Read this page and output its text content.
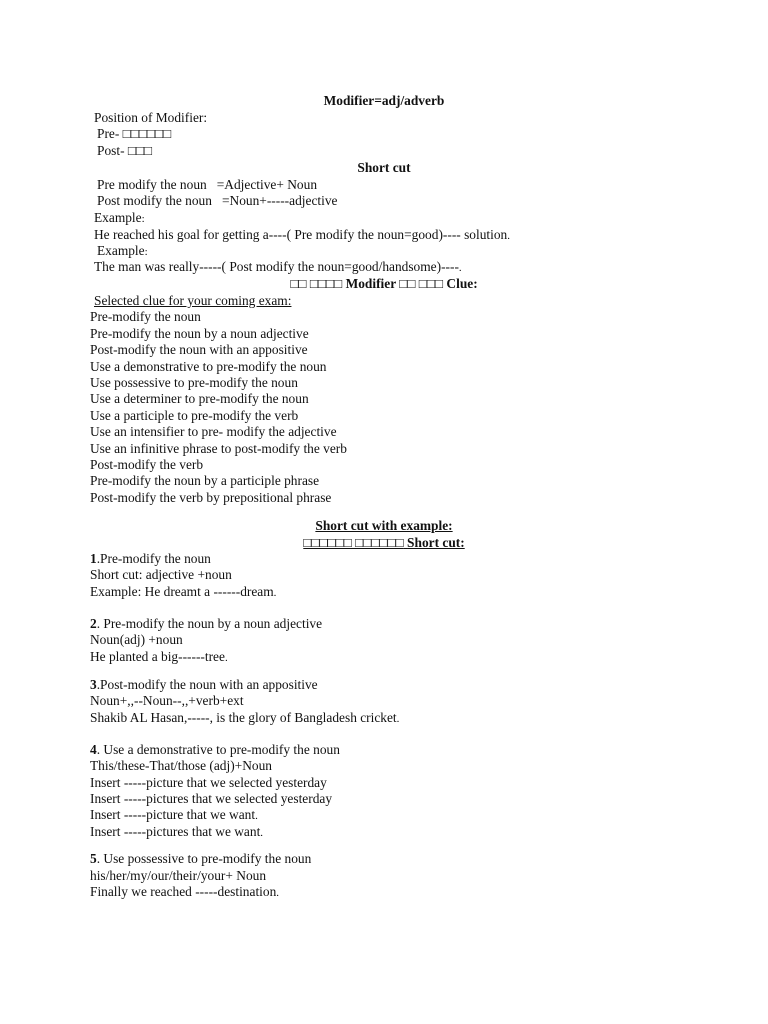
Modifier=adj/adverb
Position of Modifier:
Pre- □□□□□□
Post- □□□
Short cut
Pre modify the noun   =Adjective+ Noun
Post modify the noun   =Noun+-----adjective
Example:
He reached his goal for getting a----( Pre modify the noun=good)---- solution.
Example:
The man was really-----( Post modify the noun=good/handsome)----.
□□ □□□□ Modifier □□ □□□ Clue:
Selected clue for your coming exam:
Pre-modify the noun
Pre-modify the noun by a noun adjective
Post-modify the noun with an appositive
Use a demonstrative to pre-modify the noun
Use possessive to pre-modify the noun
Use a determiner to pre-modify the noun
Use a participle to pre-modify the verb
Use an intensifier to pre- modify the adjective
Use an infinitive phrase to post-modify the verb
Post-modify the verb
Pre-modify the noun by a participle phrase
Post-modify the verb by prepositional phrase
Short cut with example:
□□□□□□ □□□□□□ Short cut:
1.Pre-modify the noun
Short cut: adjective +noun
Example: He dreamt a ------dream.
2. Pre-modify the noun by a noun adjective
Noun(adj) +noun
He planted a big------tree.
3.Post-modify the noun with an appositive
Noun+,,--Noun--,,+verb+ext
Shakib AL Hasan,-----, is the glory of Bangladesh cricket.
4. Use a demonstrative to pre-modify the noun
This/these-That/those (adj)+Noun
Insert -----picture that we selected yesterday
Insert -----pictures that we selected yesterday
Insert -----picture that we want.
Insert -----pictures that we want.
5. Use possessive to pre-modify the noun
his/her/my/our/their/your+ Noun
Finally we reached -----destination.
